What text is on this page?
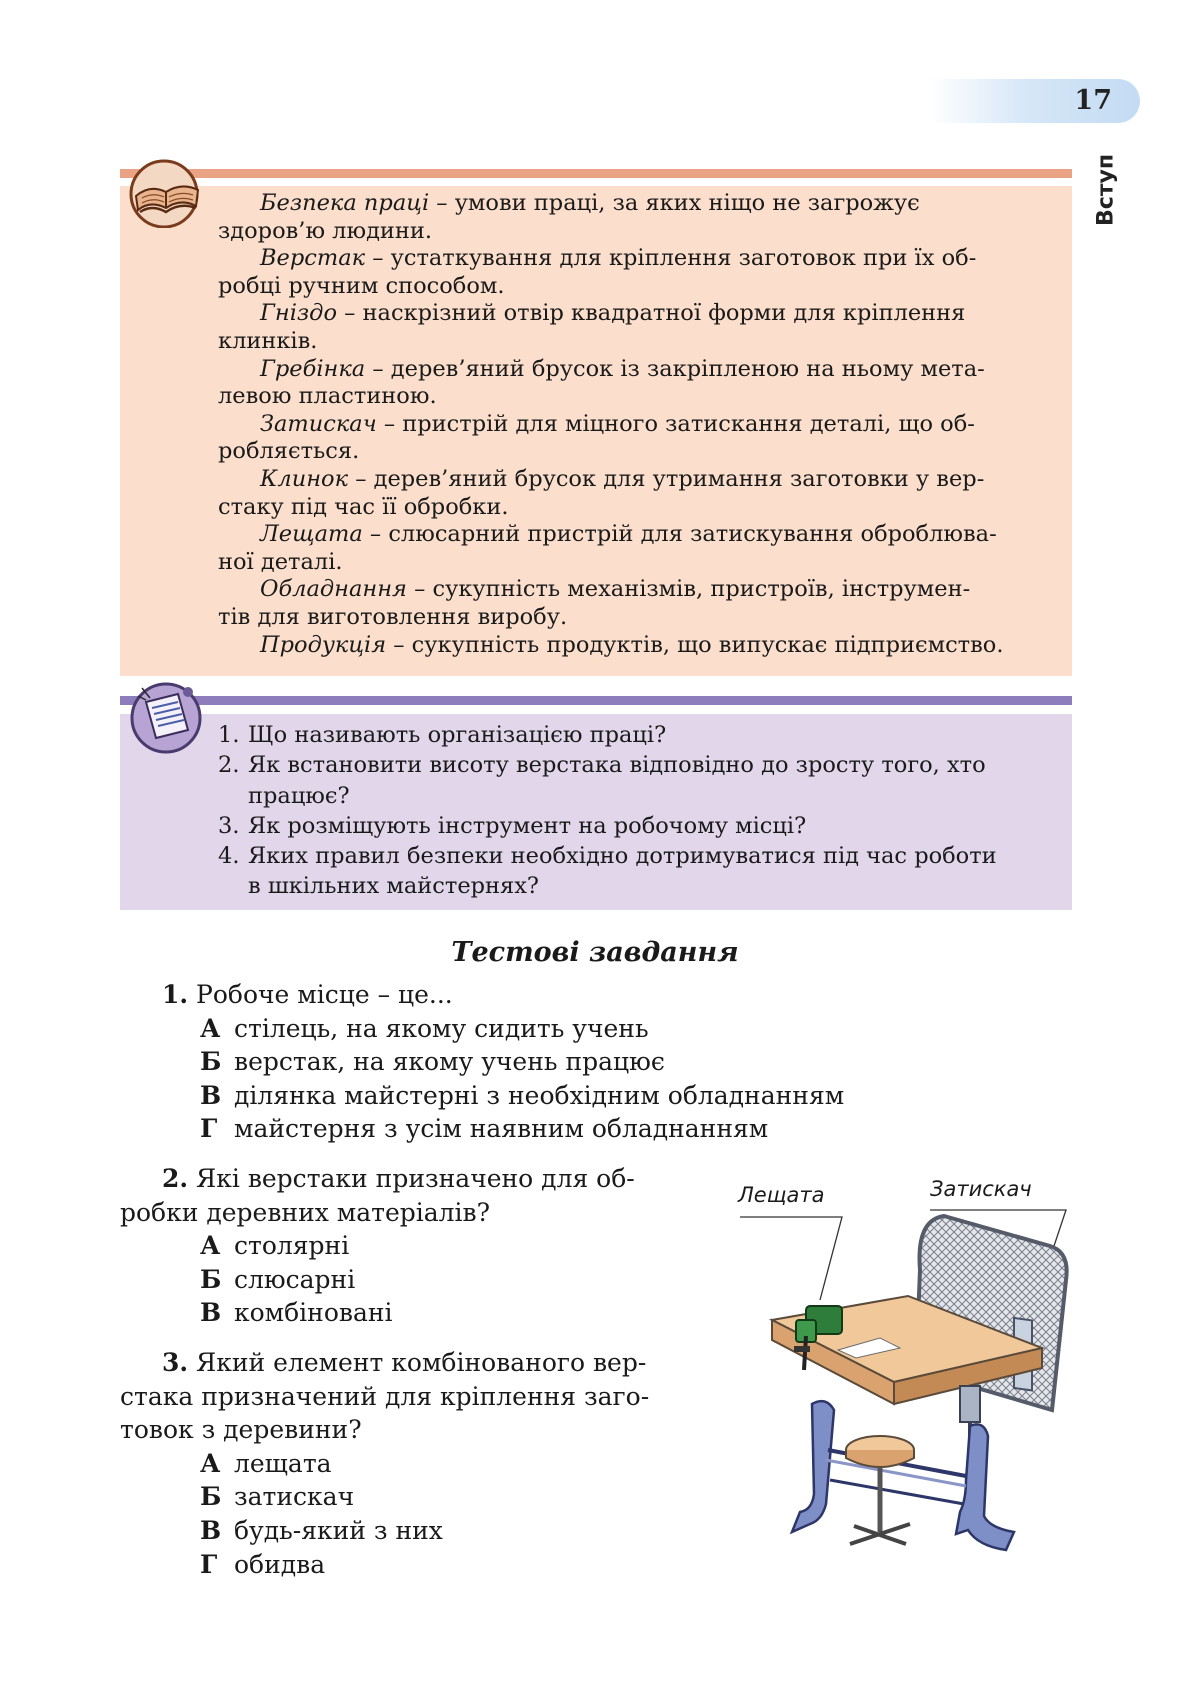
17
Вступ

Безпека праці – умови праці, за яких ніщо не загрожує

здоров’ю людини.

Верстак – устаткування для кріплення заготовок при їх об-

робці ручним способом.

Гніздо – наскрізний отвір квадратної форми для кріплення

клинків.

Гребінка – дерев’яний брусок із закріпленою на ньому мета-

левою пластиною.

Затискач – пристрій для міцного затискання деталі, що об-

робляється.

Клинок – дерев’яний брусок для утримання заготовки у вер-

стаку під час її обробки.

Лещата – слюсарний пристрій для затискування оброблюва-

ної деталі.

Обладнання – сукупність механізмів, пристроїв, інструмен-

тів для виготовлення виробу.

Продукція – сукупність продуктів, що випускає підприємство.

1. Що називають організацією праці?

2. Як встановити висоту верстака відповідно до зросту того, хто
працює?

3. Як розміщують інструмент на робочому місці?

4. Яких правил безпеки необхідно дотримуватися під час роботи
в шкільних майстернях?

Тестові завдання

1. Робоче місце – це...

А стілець, на якому сидить учень

Б верстак, на якому учень працює

В ділянка майстерні з необхідним обладнанням

Г майстерня з усім наявним обладнанням

2. Які верстаки призначено для об-

робки деревних матеріалів?

А столярні

Б слюсарні

В комбіновані

3. Який елемент комбінованого вер-

стака призначений для кріплення заго-

товок з деревини?

А лещата

Б затискач

В будь-який з них

Г обидва

Лещата	Затискач
